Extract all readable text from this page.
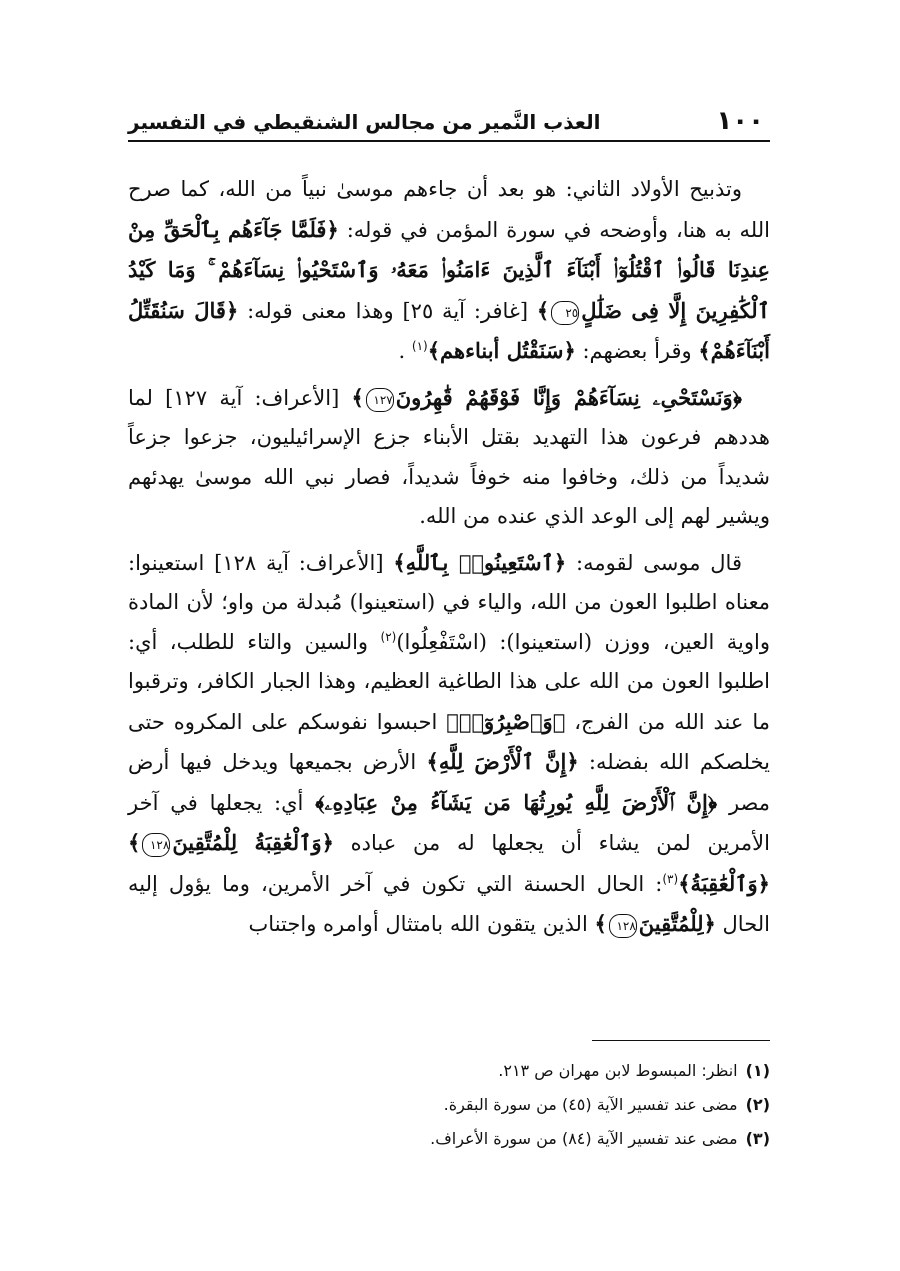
١٠٠
العذب النَّمير من مجالس الشنقيطي في التفسير

وتذبيح الأولاد الثاني: هو بعد أن جاءهم موسىٰ نبياً من الله، كما صرح الله به هنا، وأوضحه في سورة المؤمن في قوله: ﴿فَلَمَّا جَآءَهُم بِٱلْحَقِّ مِنْ عِندِنَا قَالُوا۟ ٱقْتُلُوٓا۟ أَبْنَآءَ ٱلَّذِينَ ءَامَنُوا۟ مَعَهُۥ وَٱسْتَحْيُوا۟ نِسَآءَهُمْ ۚ وَمَا كَيْدُ ٱلْكَٰفِرِينَ إِلَّا فِى ضَلَٰلٍ٢٥﴾ [غافر: آية ٢٥] وهذا معنى قوله: ﴿قَالَ سَنُقَتِّلُ أَبْنَآءَهُمْ﴾ وقرأ بعضهم: ﴿سَنَقْتُل أبناءهم﴾$^{(١)}$ .

﴿وَنَسْتَحْىِۦ نِسَآءَهُمْ وَإِنَّا فَوْقَهُمْ قَٰهِرُونَ١٢٧﴾ [الأعراف: آية ١٢٧] لما هددهم فرعون هذا التهديد بقتل الأبناء جزع الإسرائيليون، جزعوا جزعاً شديداً من ذلك، وخافوا منه خوفاً شديداً، فصار نبي الله موسىٰ يهدئهم ويشير لهم إلى الوعد الذي عنده من الله.

قال موسى لقومه: ﴿ٱسْتَعِينُوا۟ بِٱللَّهِ﴾ [الأعراف: آية ١٢٨] استعينوا: معناه اطلبوا العون من الله، والياء في (استعينوا) مُبدلة من واو؛ لأن المادة واوية العين، ووزن (استعينوا): (اسْتَفْعِلُوا)$^{(٢)}$ والسين والتاء للطلب، أي: اطلبوا العون من الله على هذا الطاغية العظيم، وهذا الجبار الكافر، وترقبوا ما عند الله من الفرج، ﴿وَٱصْبِرُوٓا۟﴾ احبسوا نفوسكم على المكروه حتى يخلصكم الله بفضله: ﴿إِنَّ ٱلْأَرْضَ لِلَّهِ﴾ الأرض بجميعها ويدخل فيها أرض مصر ﴿إِنَّ ٱلْأَرْضَ لِلَّهِ يُورِثُهَا مَن يَشَآءُ مِنْ عِبَادِهِۦ﴾ أي: يجعلها في آخر الأمرين لمن يشاء أن يجعلها له من عباده ﴿وَٱلْعَٰقِبَةُ لِلْمُتَّقِينَ١٢٨﴾ ﴿وَٱلْعَٰقِبَةُ﴾$^{(٣)}$: الحال الحسنة التي تكون في آخر الأمرين، وما يؤول إليه الحال ﴿لِلْمُتَّقِينَ١٢٨﴾ الذين يتقون الله بامتثال أوامره واجتناب

(١)انظر: المبسوط لابن مهران ص ٢١٣.
(٢)مضى عند تفسير الآية (٤٥) من سورة البقرة.
(٣)مضى عند تفسير الآية (٨٤) من سورة الأعراف.
